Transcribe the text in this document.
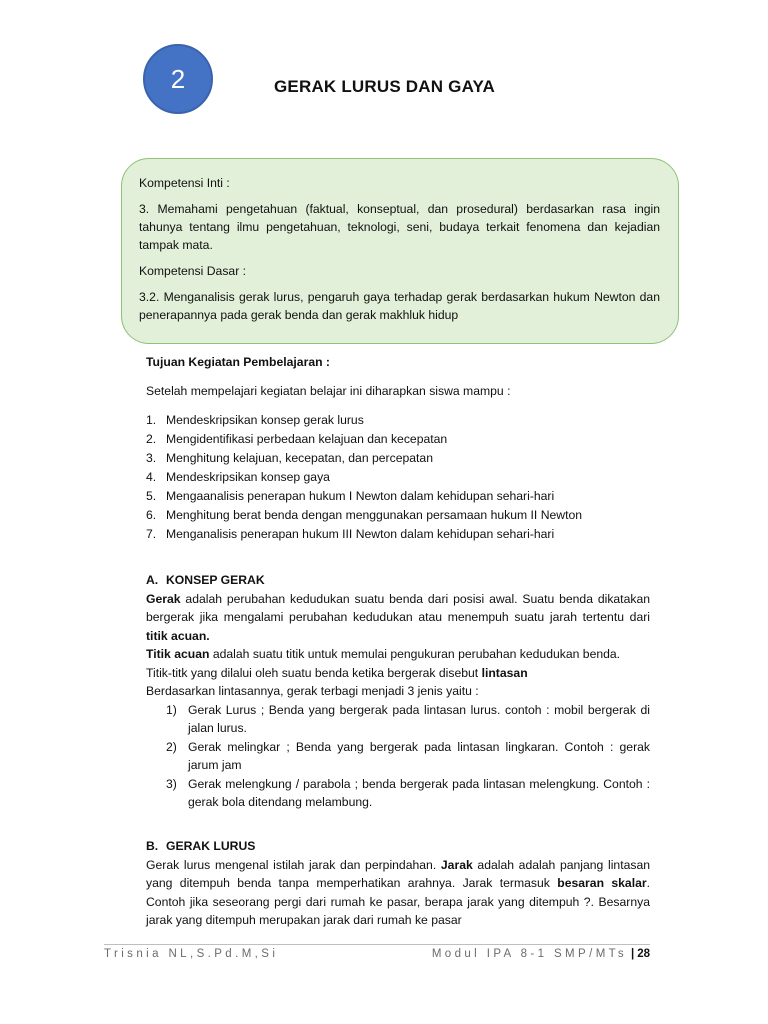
2	GERAK LURUS DAN GAYA

Kompetensi Inti :

3. Memahami pengetahuan (faktual, konseptual, dan prosedural) berdasarkan rasa ingin tahunya tentang ilmu pengetahuan, teknologi, seni, budaya terkait fenomena dan kejadian tampak mata.

Kompetensi Dasar :

3.2. Menganalisis gerak lurus, pengaruh gaya terhadap gerak berdasarkan hukum Newton dan penerapannya pada gerak benda dan gerak makhluk hidup

Tujuan Kegiatan Pembelajaran :

Setelah mempelajari kegiatan belajar ini diharapkan siswa mampu :

1. Mendeskripsikan konsep gerak lurus
2. Mengidentifikasi perbedaan kelajuan dan kecepatan
3. Menghitung kelajuan, kecepatan, dan percepatan
4. Mendeskripsikan konsep gaya
5. Mengaanalisis penerapan hukum I Newton dalam kehidupan sehari-hari
6. Menghitung berat benda dengan menggunakan persamaan hukum II Newton
7. Menganalisis penerapan hukum III Newton dalam kehidupan sehari-hari
A. KONSEP GERAK

Gerak adalah perubahan kedudukan suatu benda dari posisi awal. Suatu benda dikatakan bergerak jika mengalami perubahan kedudukan atau menempuh suatu jarah tertentu dari titik acuan.

Titik acuan adalah suatu titik untuk memulai pengukuran perubahan kedudukan benda.

Titik-titk yang dilalui oleh suatu benda ketika bergerak disebut lintasan

Berdasarkan lintasannya, gerak terbagi menjadi 3 jenis yaitu :

1) Gerak Lurus ; Benda yang bergerak pada lintasan lurus. contoh : mobil bergerak di jalan lurus.
2) Gerak melingkar ; Benda yang bergerak pada lintasan lingkaran. Contoh : gerak jarum jam
3) Gerak melengkung / parabola ; benda bergerak pada lintasan melengkung. Contoh : gerak bola ditendang melambung.
B. GERAK LURUS

Gerak lurus mengenal istilah jarak dan perpindahan. Jarak adalah adalah panjang lintasan yang ditempuh benda tanpa memperhatikan arahnya. Jarak termasuk besaran skalar. Contoh jika seseorang pergi dari rumah ke pasar, berapa jarak yang ditempuh ?. Besarnya jarak yang ditempuh merupakan jarak dari rumah ke pasar

Trisnia NL,S.Pd.M,Si	Modul IPA 8-1 SMP/MTs | 28
